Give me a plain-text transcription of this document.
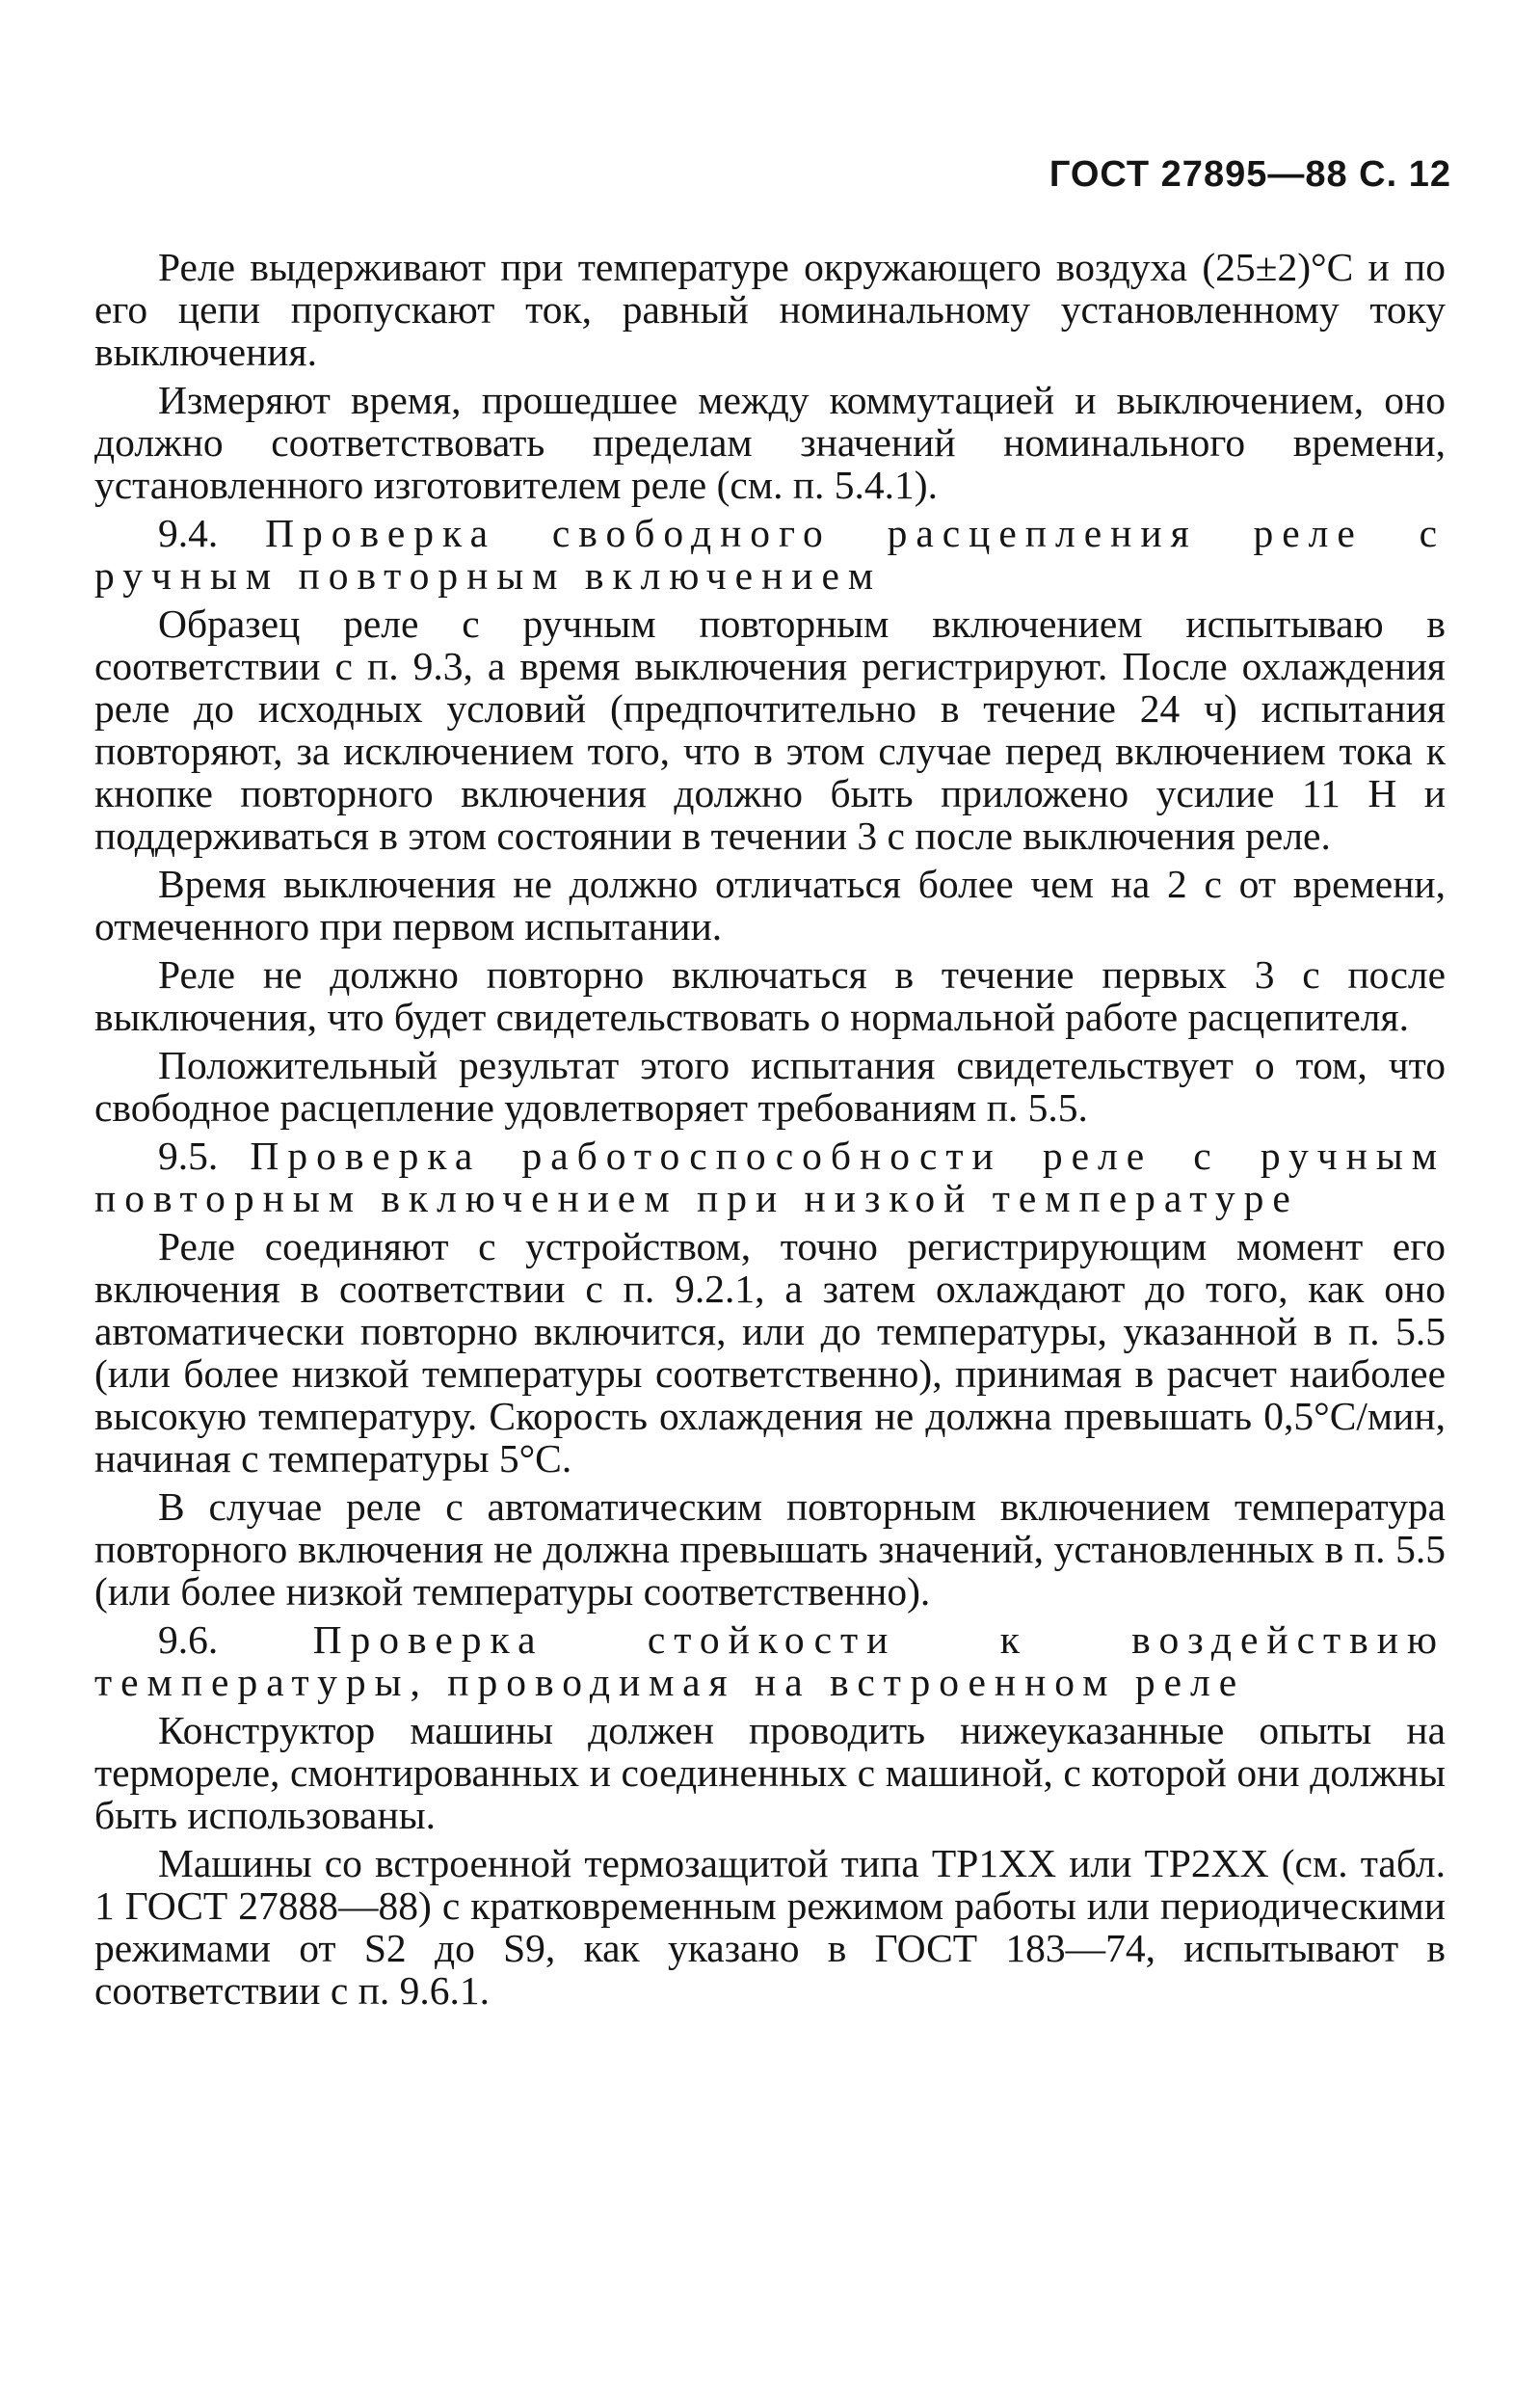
ГОСТ 27895—88 С. 12

Реле выдерживают при температуре окружающего воздуха (25±2)°С и по его цепи пропускают ток, равный номинальному установленному току выключения.

Измеряют время, прошедшее между коммутацией и выключением, оно должно соответствовать пределам значений номинального времени, установленного изготовителем реле (см. п. 5.4.1).

9.4. Проверка свободного расцепления реле с ручным повторным включением

Образец реле с ручным повторным включением испытываю в соответствии с п. 9.3, а время выключения регистрируют. После охлаждения реле до исходных условий (предпочтительно в течение 24 ч) испытания повторяют, за исключением того, что в этом случае перед включением тока к кнопке повторного включения должно быть приложено усилие 11 Н и поддерживаться в этом состоянии в течении 3 с после выключения реле.

Время выключения не должно отличаться более чем на 2 с от времени, отмеченного при первом испытании.

Реле не должно повторно включаться в течение первых 3 с после выключения, что будет свидетельствовать о нормальной работе расцепителя.

Положительный результат этого испытания свидетельствует о том, что свободное расцепление удовлетворяет требованиям п. 5.5.

9.5. Проверка работоспособности реле с ручным повторным включением при низкой температуре

Реле соединяют с устройством, точно регистрирующим момент его включения в соответствии с п. 9.2.1, а затем охлаждают до того, как оно автоматически повторно включится, или до температуры, указанной в п. 5.5 (или более низкой температуры соответственно), принимая в расчет наиболее высокую температуру. Скорость охлаждения не должна превышать 0,5°С/мин, начиная с температуры 5°С.

В случае реле с автоматическим повторным включением температура повторного включения не должна превышать значений, установленных в п. 5.5 (или более низкой температуры соответственно).

9.6. Проверка стойкости к воздействию температуры, проводимая на встроенном реле

Конструктор машины должен проводить нижеуказанные опыты на термореле, смонтированных и соединенных с машиной, с которой они должны быть использованы.

Машины со встроенной термозащитой типа ТР1ХХ или ТР2ХХ (см. табл. 1 ГОСТ 27888—88) с кратковременным режимом работы или периодическими режимами от S2 до S9, как указано в ГОСТ 183—74, испытывают в соответствии с п. 9.6.1.
